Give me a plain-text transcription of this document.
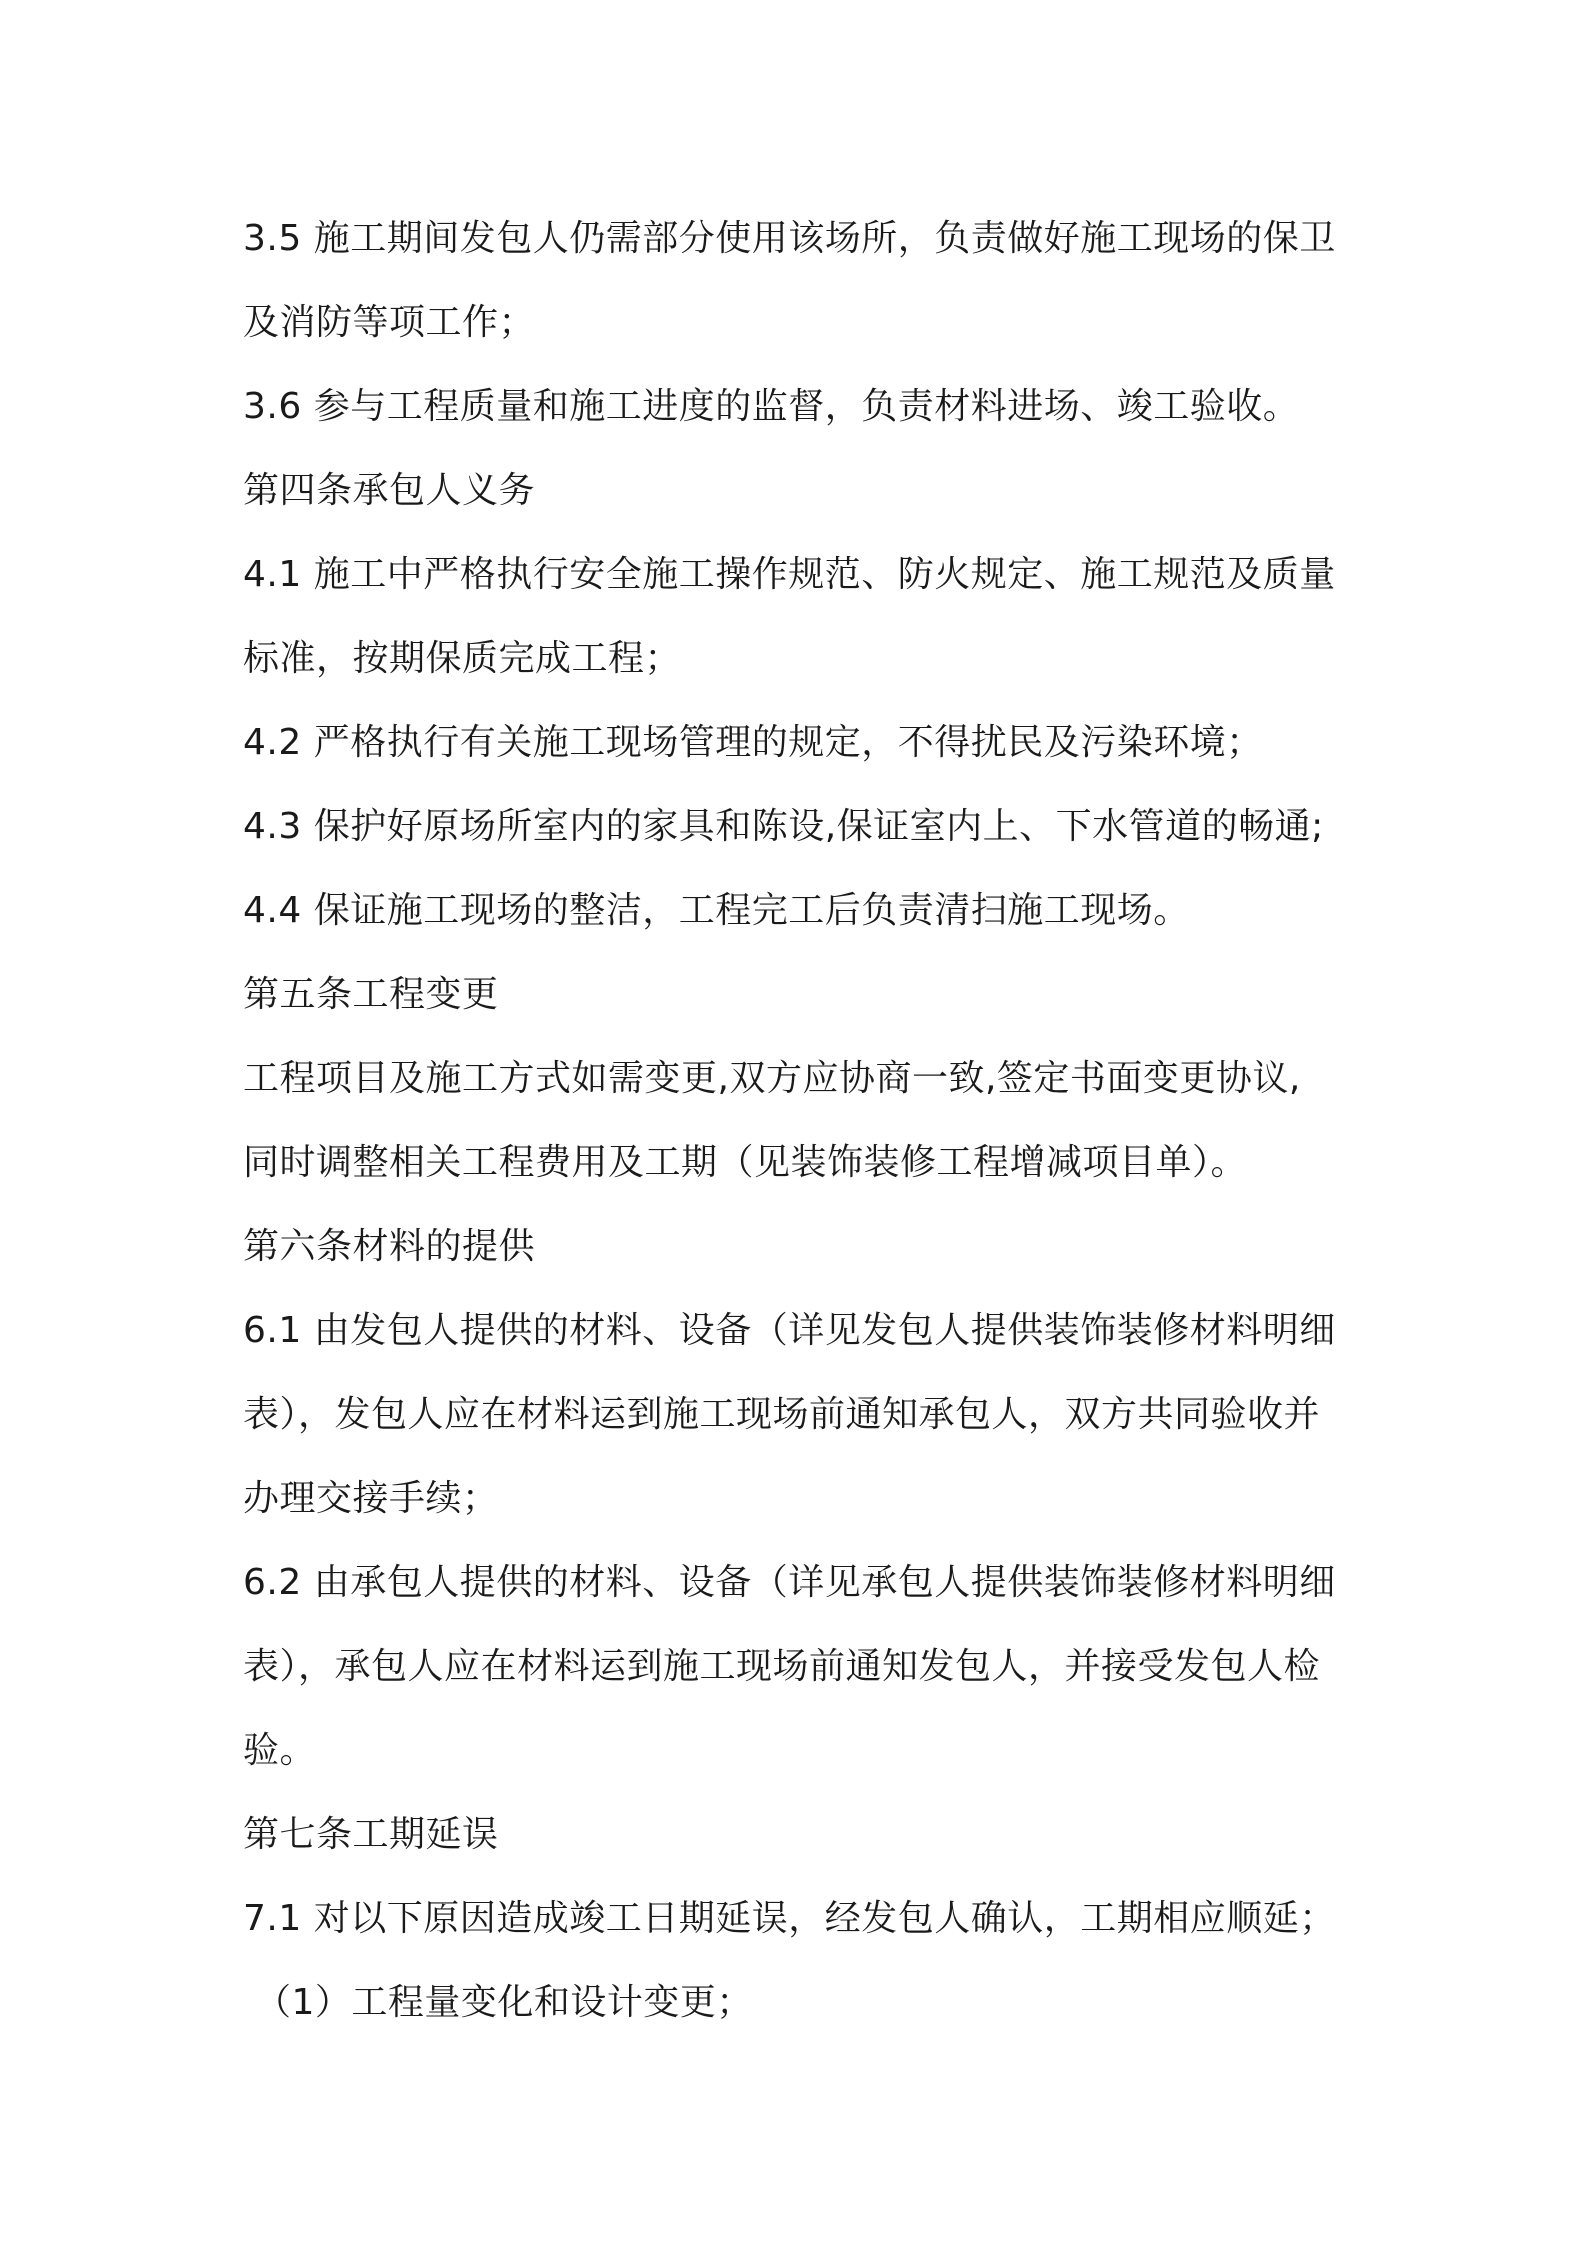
3.5 施工期间发包人仍需部分使用该场所，负责做好施工现场的保卫
及消防等项工作；
3.6 参与工程质量和施工进度的监督，负责材料进场、竣工验收。
第四条承包人义务
4.1 施工中严格执行安全施工操作规范、防火规定、施工规范及质量
标准，按期保质完成工程；
4.2 严格执行有关施工现场管理的规定，不得扰民及污染环境；
4.3 保护好原场所室内的家具和陈设,保证室内上、下水管道的畅通;
4.4 保证施工现场的整洁，工程完工后负责清扫施工现场。
第五条工程变更
工程项目及施工方式如需变更,双方应协商一致,签定书面变更协议,
同时调整相关工程费用及工期（见装饰装修工程增减项目单）。
第六条材料的提供
6.1 由发包人提供的材料、设备（详见发包人提供装饰装修材料明细
表），发包人应在材料运到施工现场前通知承包人，双方共同验收并
办理交接手续；
6.2 由承包人提供的材料、设备（详见承包人提供装饰装修材料明细
表），承包人应在材料运到施工现场前通知发包人，并接受发包人检
验。
第七条工期延误
7.1 对以下原因造成竣工日期延误，经发包人确认，工期相应顺延；
（1）工程量变化和设计变更；
